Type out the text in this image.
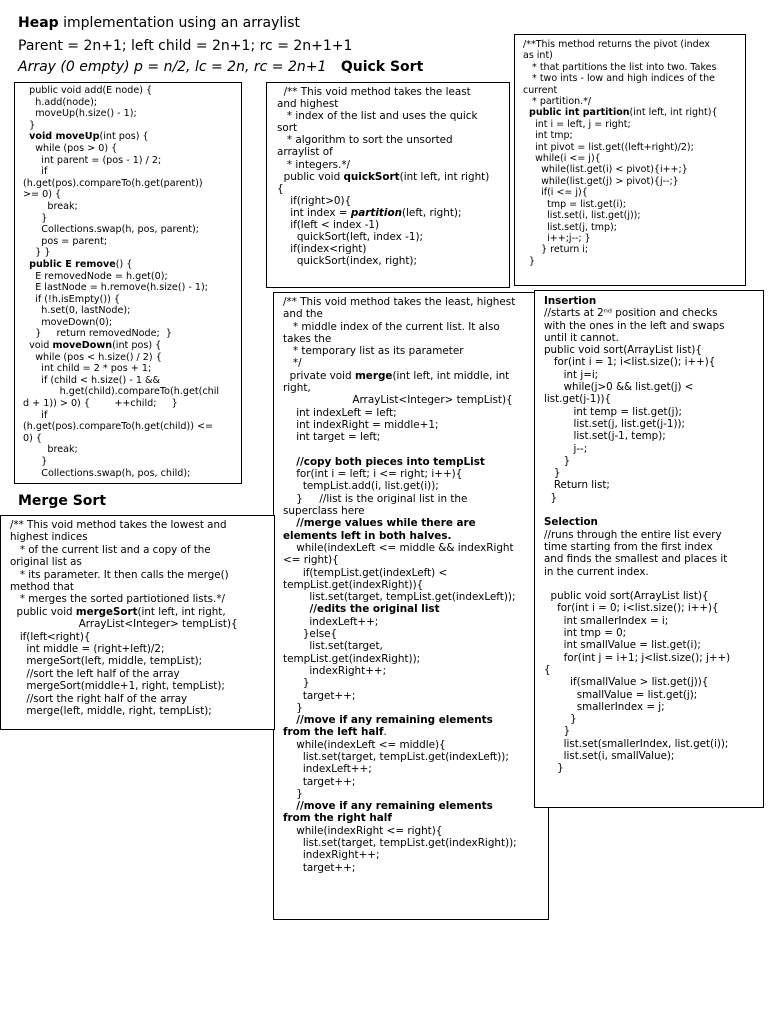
Heap implementation using an arraylist
Parent = 2n+1; left child = 2n+1; rc = 2n+1+1
Array (0 empty) p = n/2, lc = 2n, rc = 2n+1 Quick Sort
public void add(E node) {
h.add(node);
moveUp(h.size() - 1);
}
void moveUp(int pos) {
while (pos > 0) {
int parent = (pos - 1) / 2;
if
(h.get(pos).compareTo(h.get(parent))
>= 0) {
break;
}
Collections.swap(h, pos, parent);
pos = parent;
} }
public E remove() {
E removedNode = h.get(0);
E lastNode = h.remove(h.size() - 1);
if (!h.isEmpty()) {
h.set(0, lastNode);
moveDown(0);
}     return removedNode;  }
void moveDown(int pos) {
while (pos < h.size() / 2) {
int child = 2 * pos + 1;
if (child < h.size() - 1 &&
h.get(child).compareTo(h.get(chil
d + 1)) > 0) {        ++child;     }
if
(h.get(pos).compareTo(h.get(child)) <=
0) {
break;
}
Collections.swap(h, pos, child);
/** This void method takes the least
and highest
* index of the list and uses the quick
sort
* algorithm to sort the unsorted
arraylist of
* integers.*/
public void quickSort(int left, int right)
{
if(right>0){
int index = partition(left, right);
if(left < index -1)
quickSort(left, index -1);
if(index<right)
quickSort(index, right);
/**This method returns the pivot (index
as int)
* that partitions the list into two. Takes
* two ints - low and high indices of the
current
* partition.*/
public int partition(int left, int right){
int i = left, j = right;
int tmp;
int pivot = list.get((left+right)/2);
while(i <= j){
while(list.get(i) < pivot){i++;}
while(list.get(j) > pivot){j--;}
if(i <= j){
tmp = list.get(i);
list.set(i, list.get(j));
list.set(j, tmp);
i++;j--; }
} return i;
}
/** This void method takes the least, highest
and the
* middle index of the current list. It also
takes the
* temporary list as its parameter
*/
private void merge(int left, int middle, int
right,
ArrayList<Integer> tempList){
int indexLeft = left;
int indexRight = middle+1;
int target = left;

//copy both pieces into tempList
for(int i = left; i <= right; i++){
tempList.add(i, list.get(i));
}     //list is the original list in the
superclass here
//merge values while there are
elements left in both halves.
while(indexLeft <= middle && indexRight
<= right){
if(tempList.get(indexLeft) <
tempList.get(indexRight)){
list.set(target, tempList.get(indexLeft));
//edits the original list
indexLeft++;
}else{
list.set(target,
tempList.get(indexRight));
indexRight++;
}
target++;
}
//move if any remaining elements
from the left half.
while(indexLeft <= middle){
list.set(target, tempList.get(indexLeft));
indexLeft++;
target++;
}
//move if any remaining elements
from the right half
while(indexRight <= right){
list.set(target, tempList.get(indexRight));
indexRight++;
target++;
Insertion
//starts at 2ⁿᵈ position and checks
with the ones in the left and swaps
until it cannot.
public void sort(ArrayList list){
for(int i = 1; i<list.size(); i++){
int j=i;
while(j>0 && list.get(j) <
list.get(j-1)){
int temp = list.get(j);
list.set(j, list.get(j-1));
list.set(j-1, temp);
j--;
}
}
Return list;
}

Selection
//runs through the entire list every
time starting from the first index
and finds the smallest and places it
in the current index.

public void sort(ArrayList list){
for(int i = 0; i<list.size(); i++){
int smallerIndex = i;
int tmp = 0;
int smallValue = list.get(i);
for(int j = i+1; j<list.size(); j++)
{
if(smallValue > list.get(j)){
smallValue = list.get(j);
smallerIndex = j;
}
}
list.set(smallerIndex, list.get(i));
list.set(i, smallValue);
}
Merge Sort
/** This void method takes the lowest and
highest indices
* of the current list and a copy of the
original list as
* its parameter. It then calls the merge()
method that
* merges the sorted partiotioned lists.*/
public void mergeSort(int left, int right,
ArrayList<Integer> tempList){
if(left<right){
int middle = (right+left)/2;
mergeSort(left, middle, tempList);
//sort the left half of the array
mergeSort(middle+1, right, tempList);
//sort the right half of the array
merge(left, middle, right, tempList);
